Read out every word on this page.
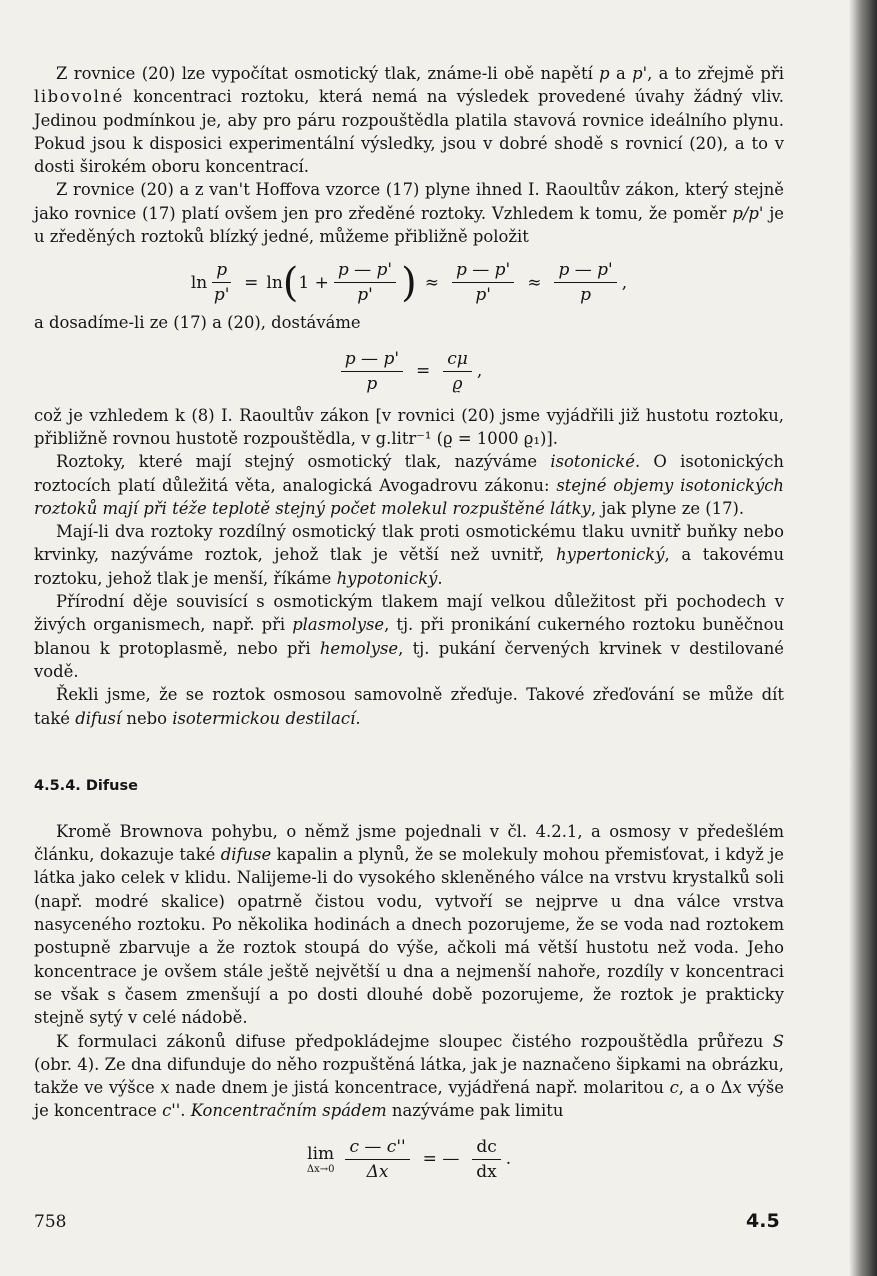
Z rovnice (20) lze vypočítat osmotický tlak, známe-li obě napětí p a p', a to zřejmě při libovolné koncentraci roztoku, která nemá na výsledek provedené úvahy žádný vliv. Jedinou podmínkou je, aby pro páru rozpouštědla platila stavová rovnice ideálního plynu. Pokud jsou k disposici experimentální výsledky, jsou v dobré shodě s rovnicí (20), a to v dosti širokém oboru koncentrací.

Z rovnice (20) a z van't Hoffova vzorce (17) plyne ihned I. Raoultův zákon, který stejně jako rovnice (17) platí ovšem jen pro zředěné roztoky. Vzhledem k tomu, že poměr p/p' je u zředěných roztoků blízký jedné, můžeme přibližně položit

$\ln \frac{p}{p'} = \ln$ ( $1 + \frac{p — p'}{p'}$ ) ≈ $\frac{p — p'}{p'} \approx \frac{p — p'}{p}$ ,

a dosadíme-li ze (17) a (20), dostáváme

$\frac{p — p'}{p} = \frac{c\mu}{ϱ}$ ,

což je vzhledem k (8) I. Raoultův zákon [v rovnici (20) jsme vyjádřili již hustotu roztoku, přibližně rovnou hustotě rozpouštědla, v g.litr⁻¹ (ϱ = 1000 ϱ₁)].

Roztoky, které mají stejný osmotický tlak, nazýváme isotonické. O isotonických roztocích platí důležitá věta, analogická Avogadrovu zákonu: stejné objemy isotonických roztoků mají při téže teplotě stejný počet molekul rozpuštěné látky, jak plyne ze (17).

Mají-li dva roztoky rozdílný osmotický tlak proti osmotickému tlaku uvnitř buňky nebo krvinky, nazýváme roztok, jehož tlak je větší než uvnitř, hypertonický, a takovému roztoku, jehož tlak je menší, říkáme hypotonický.

Přírodní děje souvisící s osmotickým tlakem mají velkou důležitost při pochodech v živých organismech, např. při plasmolyse, tj. při pronikání cukerného roztoku buněčnou blanou k protoplasmě, nebo při hemolyse, tj. pukání červených krvinek v destilované vodě.

Řekli jsme, že se roztok osmosou samovolně zřeďuje. Takové zřeďování se může dít také difusí nebo isotermickou destilací.

4.5.4. Difuse

Kromě Brownova pohybu, o němž jsme pojednali v čl. 4.2.1, a osmosy v předešlém článku, dokazuje také difuse kapalin a plynů, že se molekuly mohou přemisťovat, i když je látka jako celek v klidu. Nalijeme-li do vysokého skleněného válce na vrstvu krystalků soli (např. modré skalice) opatrně čistou vodu, vytvoří se nejprve u dna válce vrstva nasyceného roztoku. Po několika hodinách a dnech pozorujeme, že se voda nad roztokem postupně zbarvuje a že roztok stoupá do výše, ačkoli má větší hustotu než voda. Jeho koncentrace je ovšem stále ještě největší u dna a nejmenší nahoře, rozdíly v koncentraci se však s časem zmenšují a po dosti dlouhé době pozorujeme, že roztok je prakticky stejně sytý v celé nádobě.

K formulaci zákonů difuse předpokládejme sloupec čistého rozpouštědla průřezu S (obr. 4). Ze dna difunduje do něho rozpuštěná látka, jak je naznačeno šipkami na obrázku, takže ve výšce x nade dnem je jistá koncentrace, vyjádřená např. molaritou c, a o Δx výše je koncentrace c''. Koncentračním spádem nazýváme pak limitu

lim
$\Delta x\to 0 \frac{c — c''}{\Delta x}$ = — $\frac{dc}{dx}$ .
758	4.5
